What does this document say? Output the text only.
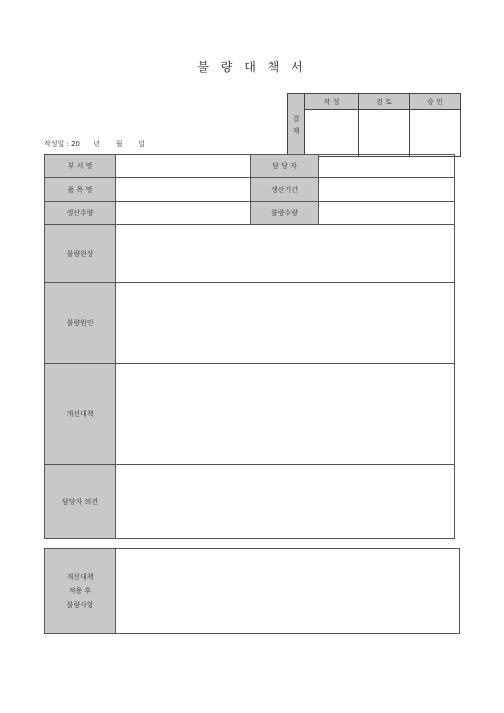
불 량 대 책 서
결 재	작 성	검 토	승 인

작성일 : 20      년       월       일
부 서 명		담 당 자	
품 목 명		생산기간	
생산수량		불량수량	
불량현상			
불량원인			
개선대책			
담당자 의견			
개선대책
적용 후
불량사항
